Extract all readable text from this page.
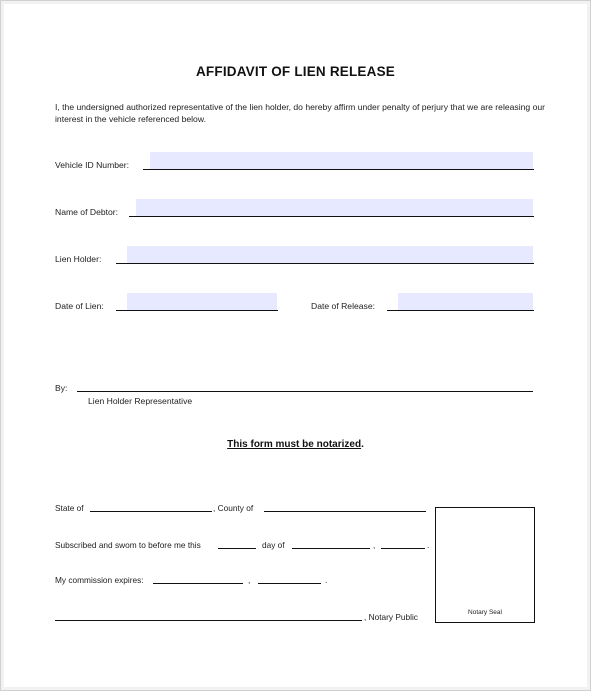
AFFIDAVIT OF LIEN RELEASE
I, the undersigned authorized representative of the lien holder, do hereby affirm under penalty of perjury that we are releasing our interest in the vehicle referenced below.
Vehicle ID Number:
Name of Debtor:
Lien Holder:
Date of Lien:	Date of Release:
By:
Lien Holder Representative
This form must be notarized.
State of	, County of
Subscribed and swom to before me this	day of	,	.
My commission expires:	,	.
, Notary Public	Notary Seal
